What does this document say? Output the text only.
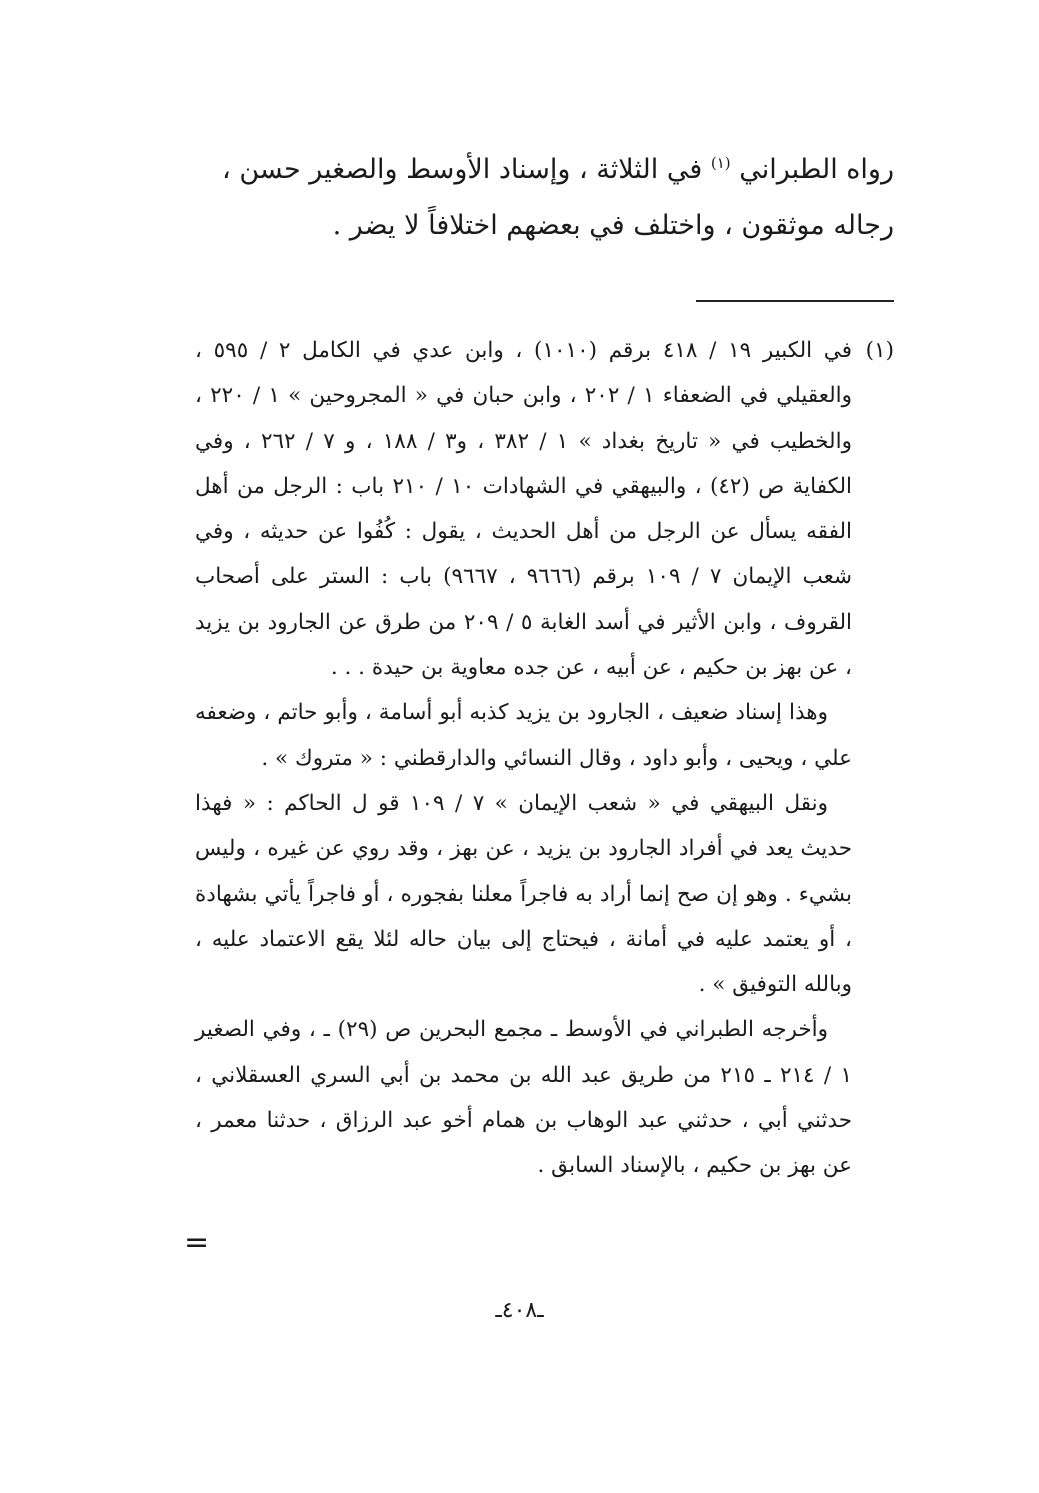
رواه الطبراني $^{(١)}$ في الثلاثة ، وإسناد الأوسط والصغير حسن ،

رجاله موثقون ، واختلف في بعضهم اختلافاً لا يضر .

(١)

في الكبير ١٩ / ٤١٨ برقم (١٠١٠) ، وابن عدي في الكامل ٢ / ٥٩٥ ، والعقيلي في الضعفاء ١ / ٢٠٢ ، وابن حبان في « المجروحين » ١ / ٢٢٠ ، والخطيب في « تاريخ بغداد » ١ / ٣٨٢ ، و٣ / ١٨٨ ، و ٧ / ٢٦٢ ، وفي الكفاية ص (٤٢) ، والبيهقي في الشهادات ١٠ / ٢١٠ باب : الرجل من أهل الفقه يسأل عن الرجل من أهل الحديث ، يقول : كُفُوا عن حديثه ، وفي شعب الإيمان ٧ / ١٠٩ برقم (٩٦٦٦ ، ٩٦٦٧) باب : الستر على أصحاب القروف ، وابن الأثير في أسد الغابة ٥ / ٢٠٩ من طرق عن الجارود بن يزيد ، عن بهز بن حكيم ، عن أبيه ، عن جده معاوية بن حيدة . . .

وهذا إسناد ضعيف ، الجارود بن يزيد كذبه أبو أسامة ، وأبو حاتم ، وضعفه علي ، ويحيى ، وأبو داود ، وقال النسائي والدارقطني : « متروك » .

ونقل البيهقي في « شعب الإيمان » ٧ / ١٠٩ قو ل الحاكم : « فهذا حديث يعد في أفراد الجارود بن يزيد ، عن بهز ، وقد روي عن غيره ، وليس بشيء . وهو إن صح إنما أراد به فاجراً معلنا بفجوره ، أو فاجراً يأتي بشهادة ، أو يعتمد عليه في أمانة ، فيحتاج إلى بيان حاله لئلا يقع الاعتماد عليه ، وبالله التوفيق » .

وأخرجه الطبراني في الأوسط ـ مجمع البحرين ص (٢٩) ـ ، وفي الصغير ١ / ٢١٤ ـ ٢١٥ من طريق عبد الله بن محمد بن أبي السري العسقلاني ، حدثني أبي ، حدثني عبد الوهاب بن همام أخو عبد الرزاق ، حدثنا معمر ، عن بهز بن حكيم ، بالإسناد السابق .

=
ـ٤٠٨ـ
